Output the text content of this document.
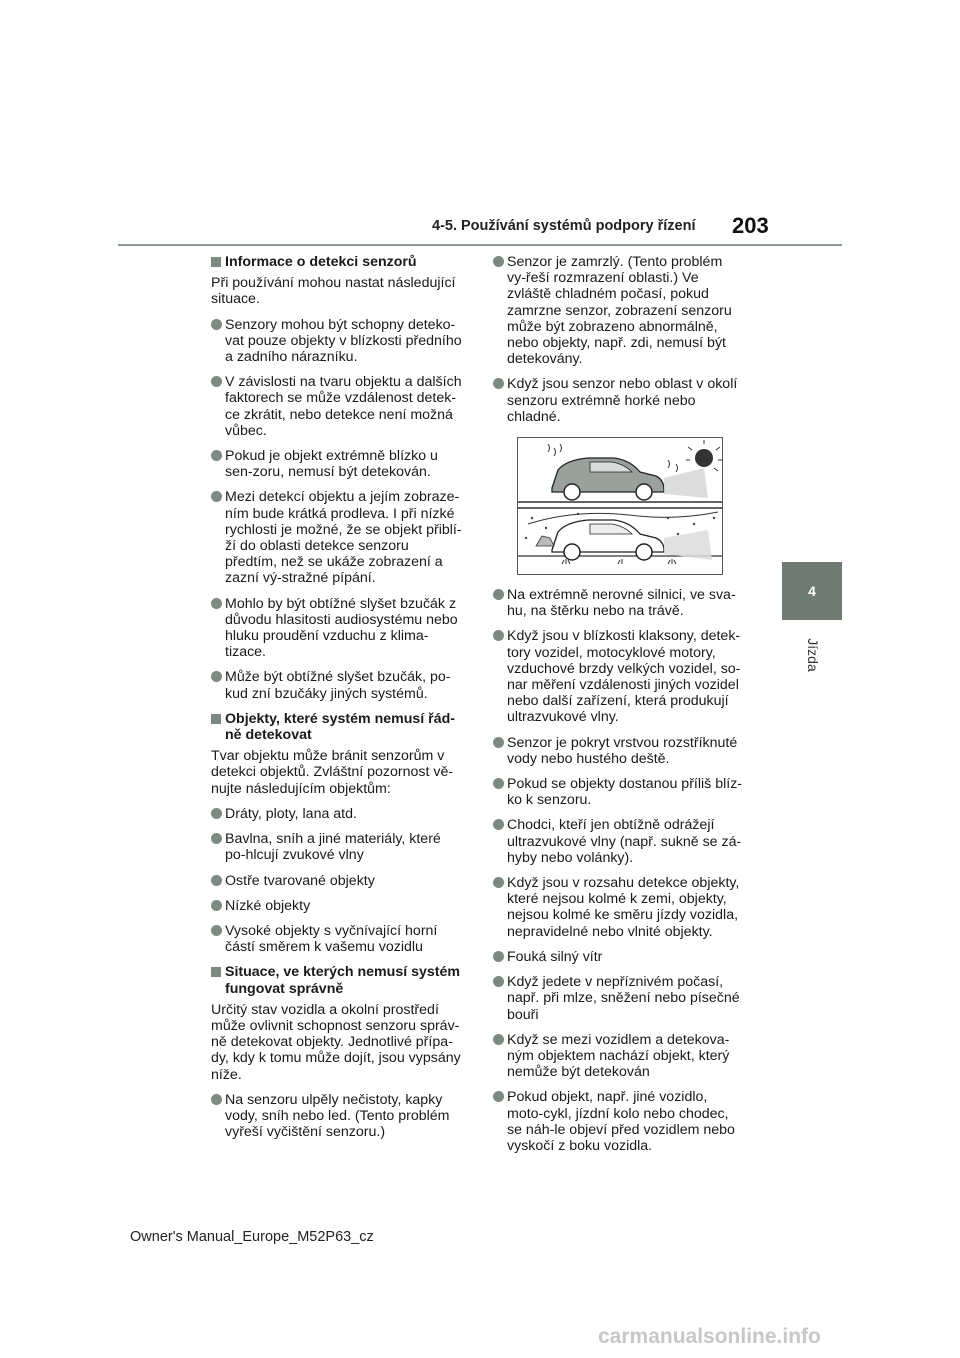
4-5. Používání systémů podpory řízení 203
4
Jízda
Informace o detekci senzorů
Při používání mohou nastat následující situace.
Senzory mohou být schopny deteko-vat pouze objekty v blízkosti předního a zadního nárazníku.
V závislosti na tvaru objektu a dalších faktorech se může vzdálenost detek-ce zkrátit, nebo detekce není možná vůbec.
Pokud je objekt extrémně blízko u sen-zoru, nemusí být detekován.
Mezi detekcí objektu a jejím zobraze-ním bude krátká prodleva. I při nízké rychlosti je možné, že se objekt přiblí-ží do oblasti detekce senzoru předtím, než se ukáže zobrazení a zazní vý-stražné pípání.
Mohlo by být obtížné slyšet bzučák z důvodu hlasitosti audiosystému nebo hluku proudění vzduchu z klima-tizace.
Může být obtížné slyšet bzučák, po-kud zní bzučáky jiných systémů.
Objekty, které systém nemusí řád-ně detekovat
Tvar objektu může bránit senzorům v detekci objektů. Zvláštní pozornost vě-nujte následujícím objektům:
Dráty, ploty, lana atd.
Bavlna, sníh a jiné materiály, které po-hlcují zvukové vlny
Ostře tvarované objekty
Nízké objekty
Vysoké objekty s vyčnívající horní částí směrem k vašemu vozidlu
Situace, ve kterých nemusí systém fungovat správně
Určitý stav vozidla a okolní prostředí může ovlivnit schopnost senzoru správ-ně detekovat objekty. Jednotlivé přípa-dy, kdy k tomu může dojít, jsou vypsány níže.
Na senzoru ulpěly nečistoty, kapky vody, sníh nebo led. (Tento problém vyřeší vyčištění senzoru.)
Senzor je zamrzlý. (Tento problém vy-řeší rozmrazení oblasti.) Ve zvláště chladném počasí, pokud zamrzne senzor, zobrazení senzoru může být zobrazeno abnormálně, nebo objekty, např. zdi, nemusí být detekovány.
Když jsou senzor nebo oblast v okolí senzoru extrémně horké nebo chladné.
Na extrémně nerovné silnici, ve sva-hu, na štěrku nebo na trávě.
Když jsou v blízkosti klaksony, detek-tory vozidel, motocyklové motory, vzduchové brzdy velkých vozidel, so-nar měření vzdálenosti jiných vozidel nebo další zařízení, která produkují ultrazvukové vlny.
Senzor je pokryt vrstvou rozstříknuté vody nebo hustého deště.
Pokud se objekty dostanou příliš blíz-ko k senzoru.
Chodci, kteří jen obtížně odrážejí ultrazvukové vlny (např. sukně se zá-hyby nebo volánky).
Když jsou v rozsahu detekce objekty, které nejsou kolmé k zemi, objekty, nejsou kolmé ke směru jízdy vozidla, nepravidelné nebo vlnité objekty.
Fouká silný vítr
Když jedete v nepříznivém počasí, např. při mlze, sněžení nebo písečné bouři
Když se mezi vozidlem a detekova-ným objektem nachází objekt, který nemůže být detekován
Pokud objekt, např. jiné vozidlo, moto-cykl, jízdní kolo nebo chodec, se náh-le objeví před vozidlem nebo vyskočí z boku vozidla.
Owner's Manual_Europe_M52P63_cz
carmanualsonline.info
